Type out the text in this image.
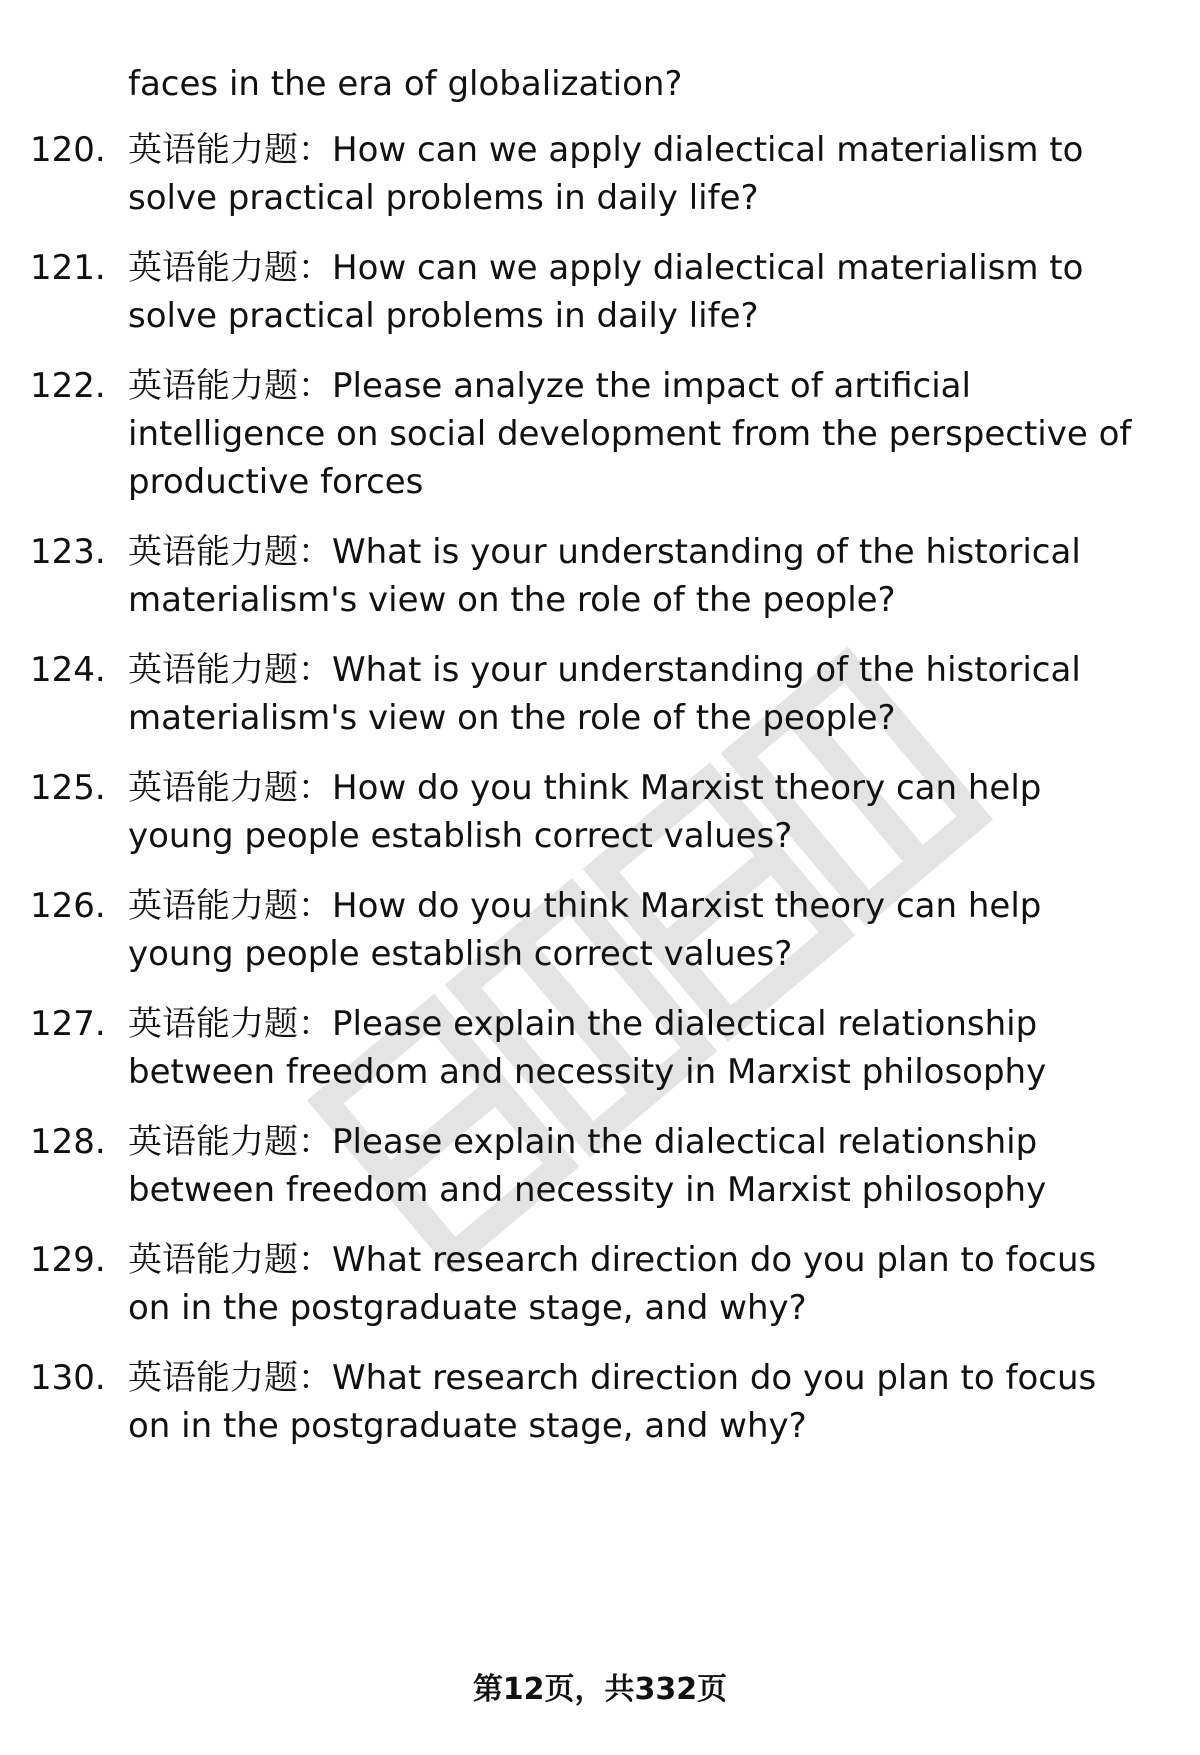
faces in the era of globalization?
120. 英语能力题：How can we apply dialectical materialism to
solve practical problems in daily life?
121. 英语能力题：How can we apply dialectical materialism to
solve practical problems in daily life?
122. 英语能力题：Please analyze the impact of artificial
intelligence on social development from the perspective of
productive forces
123. 英语能力题：What is your understanding of the historical
materialism's view on the role of the people?
124. 英语能力题：What is your understanding of the historical
materialism's view on the role of the people?
125. 英语能力题：How do you think Marxist theory can help
young people establish correct values?
126. 英语能力题：How do you think Marxist theory can help
young people establish correct values?
127. 英语能力题：Please explain the dialectical relationship
between freedom and necessity in Marxist philosophy
128. 英语能力题：Please explain the dialectical relationship
between freedom and necessity in Marxist philosophy
129. 英语能力题：What research direction do you plan to focus
on in the postgraduate stage, and why?
130. 英语能力题：What research direction do you plan to focus
on in the postgraduate stage, and why?
第12页，共332页
